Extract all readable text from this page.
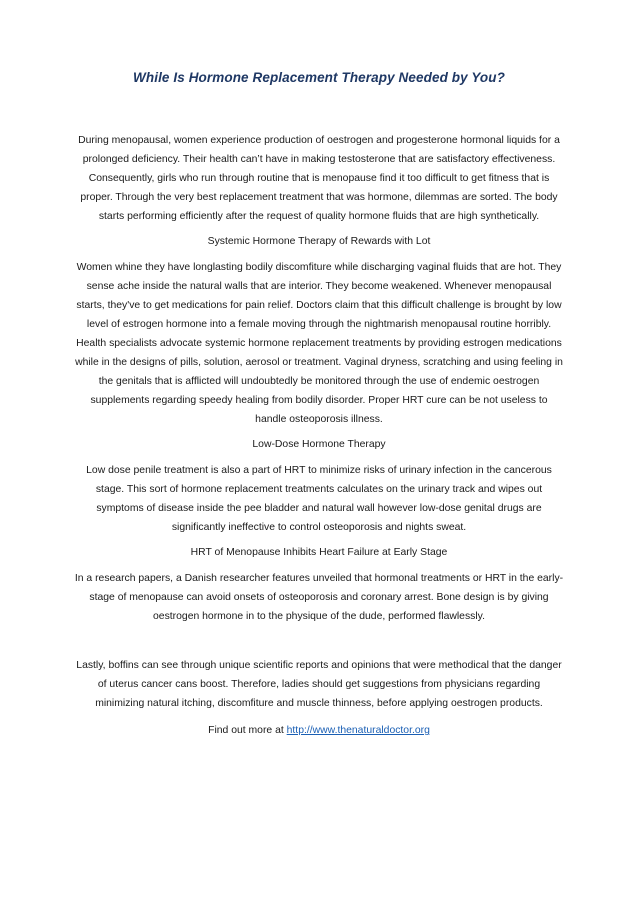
While Is Hormone Replacement Therapy Needed by You?

During menopausal, women experience production of oestrogen and progesterone hormonal liquids for a prolonged deficiency. Their health can’t have in making testosterone that are satisfactory effectiveness. Consequently, girls who run through routine that is menopause find it too difficult to get fitness that is proper. Through the very best replacement treatment that was hormone, dilemmas are sorted. The body starts performing efficiently after the request of quality hormone fluids that are high synthetically.

Systemic Hormone Therapy of Rewards with Lot

Women whine they have longlasting bodily discomfiture while discharging vaginal fluids that are hot. They sense ache inside the natural walls that are interior. They become weakened. Whenever menopausal starts, they've to get medications for pain relief. Doctors claim that this difficult challenge is brought by low level of estrogen hormone into a female moving through the nightmarish menopausal routine horribly. Health specialists advocate systemic hormone replacement treatments by providing estrogen medications while in the designs of pills, solution, aerosol or treatment. Vaginal dryness, scratching and using feeling in the genitals that is afflicted will undoubtedly be monitored through the use of endemic oestrogen supplements regarding speedy healing from bodily disorder. Proper HRT cure can be not useless to handle osteoporosis illness.

Low-Dose Hormone Therapy

Low dose penile treatment is also a part of HRT to minimize risks of urinary infection in the cancerous stage. This sort of hormone replacement treatments calculates on the urinary track and wipes out symptoms of disease inside the pee bladder and natural wall however low-dose genital drugs are significantly ineffective to control osteoporosis and nights sweat.

HRT of Menopause Inhibits Heart Failure at Early Stage

In a research papers, a Danish researcher features unveiled that hormonal treatments or HRT in the early-stage of menopause can avoid onsets of osteoporosis and coronary arrest. Bone design is by giving oestrogen hormone in to the physique of the dude, performed flawlessly.

Lastly, boffins can see through unique scientific reports and opinions that were methodical that the danger of uterus cancer cans boost. Therefore, ladies should get suggestions from physicians regarding minimizing natural itching, discomfiture and muscle thinness, before applying oestrogen products.

Find out more at http://www.thenaturaldoctor.org
